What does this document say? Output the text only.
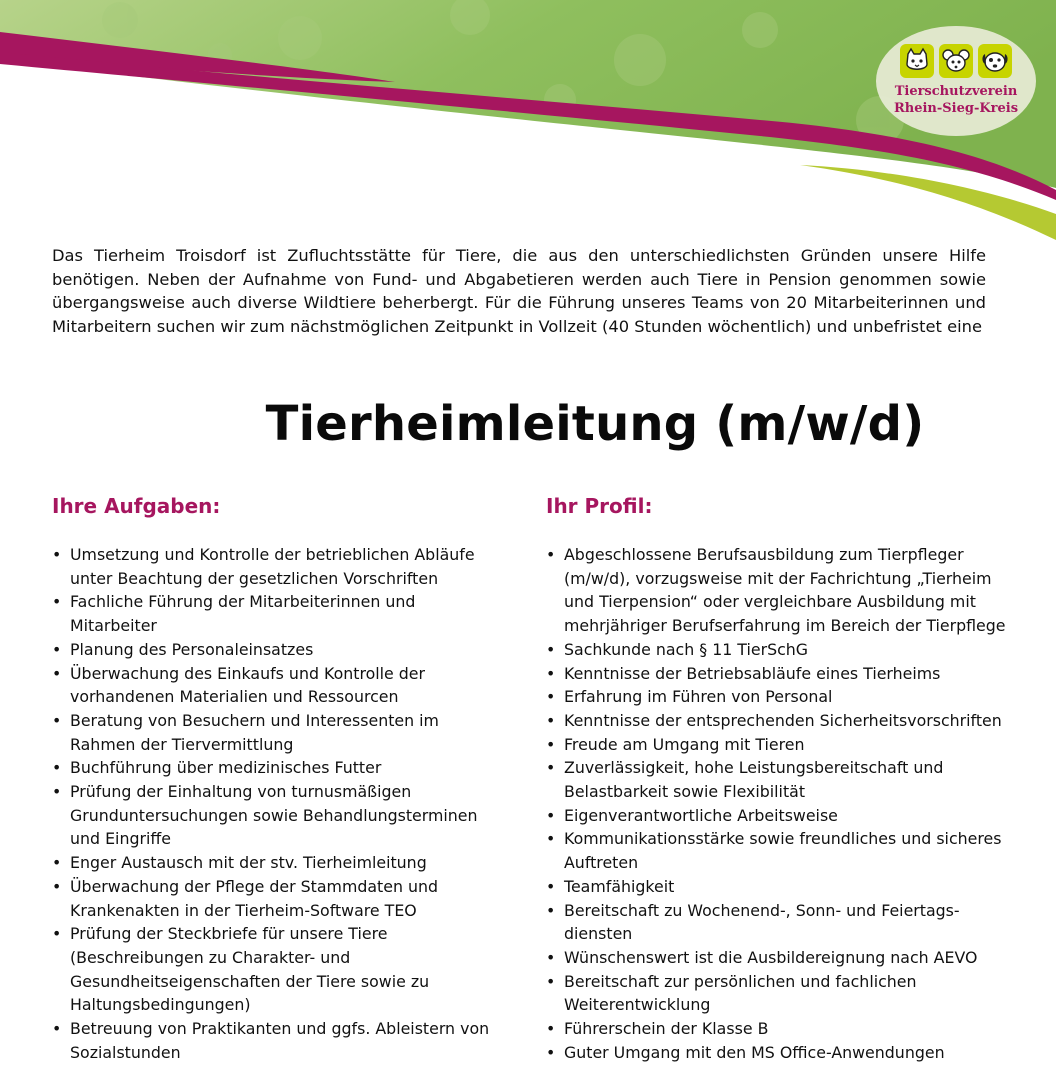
Tierschutzverein
Rhein-Sieg-Kreis

Das Tierheim Troisdorf ist Zufluchtsstätte für Tiere, die aus den unterschiedlichsten Gründen unsere Hilfe benötigen. Neben der Aufnahme von Fund- und Abgabetieren werden auch Tiere in Pension genommen sowie übergangsweise auch diverse Wildtiere beherbergt. Für die Führung unseres Teams von 20 Mitarbeiterinnen und Mitarbeitern suchen wir zum nächstmöglichen Zeitpunkt in Vollzeit (40 Stunden wöchentlich) und unbefristet eine

Tierheimleitung (m/w/d)
Ihre Aufgaben:
• Umsetzung und Kontrolle der betrieblichen Abläufe unter Beachtung der gesetzlichen Vorschriften
• Fachliche Führung der Mitarbeiterinnen und Mitarbeiter
• Planung des Personaleinsatzes
• Überwachung des Einkaufs und Kontrolle der vorhandenen Materialien und Ressourcen
• Beratung von Besuchern und Interessenten im Rahmen der Tiervermittlung
• Buchführung über medizinisches Futter
• Prüfung der Einhaltung von turnusmäßigen Grunduntersuchungen sowie Behandlungsterminen und Eingriffe
• Enger Austausch mit der stv. Tierheimleitung
• Überwachung der Pflege der Stammdaten und Krankenakten in der Tierheim-Software TEO
• Prüfung der Steckbriefe für unsere Tiere (Beschreibungen zu Charakter- und Gesundheitseigenschaften der Tiere sowie zu Haltungsbedingungen)
• Betreuung von Praktikanten und ggfs. Ableistern von Sozialstunden
Ihr Profil:
• Abgeschlossene Berufsausbildung zum Tierpfleger (m/w/d), vorzugsweise mit der Fachrichtung „Tierheim und Tierpension“ oder vergleichbare Ausbildung mit mehrjähriger Berufserfahrung im Bereich der Tierpflege
• Sachkunde nach § 11 TierSchG
• Kenntnisse der Betriebsabläufe eines Tierheims
• Erfahrung im Führen von Personal
• Kenntnisse der entsprechenden Sicherheitsvorschriften
• Freude am Umgang mit Tieren
• Zuverlässigkeit, hohe Leistungsbereitschaft und Belastbarkeit sowie Flexibilität
• Eigenverantwortliche Arbeitsweise
• Kommunikationsstärke sowie freundliches und sicheres Auftreten
• Teamfähigkeit
• Bereitschaft zu Wochenend-, Sonn- und Feiertags-diensten
• Wünschenswert ist die Ausbildereignung nach AEVO
• Bereitschaft zur persönlichen und fachlichen Weiterentwicklung
• Führerschein der Klasse B
• Guter Umgang mit den MS Office-Anwendungen
